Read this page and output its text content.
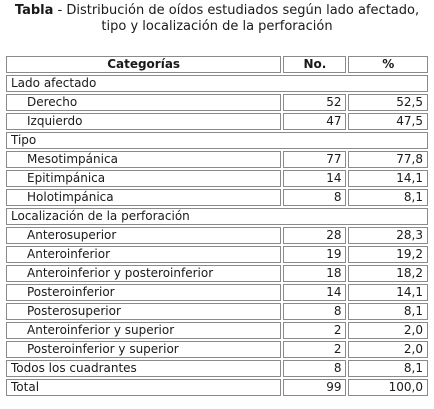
Tabla - Distribución de oídos estudiados según lado afectado,
tipo y localización de la perforación
Categorías	No.	%
Lado afectado		
Derecho	52	52,5
Izquierdo	47	47,5
Tipo		
Mesotimpánica	77	77,8
Epitimpánica	14	14,1
Holotimpánica	8	8,1
Localización de la perforación		
Anterosuperior	28	28,3
Anteroinferior	19	19,2
Anteroinferior y posteroinferior	18	18,2
Posteroinferior	14	14,1
Posterosuperior	8	8,1
Anteroinferior y superior	2	2,0
Posteroinferior y superior	2	2,0
Todos los cuadrantes	8	8,1
Total	99	100,0
